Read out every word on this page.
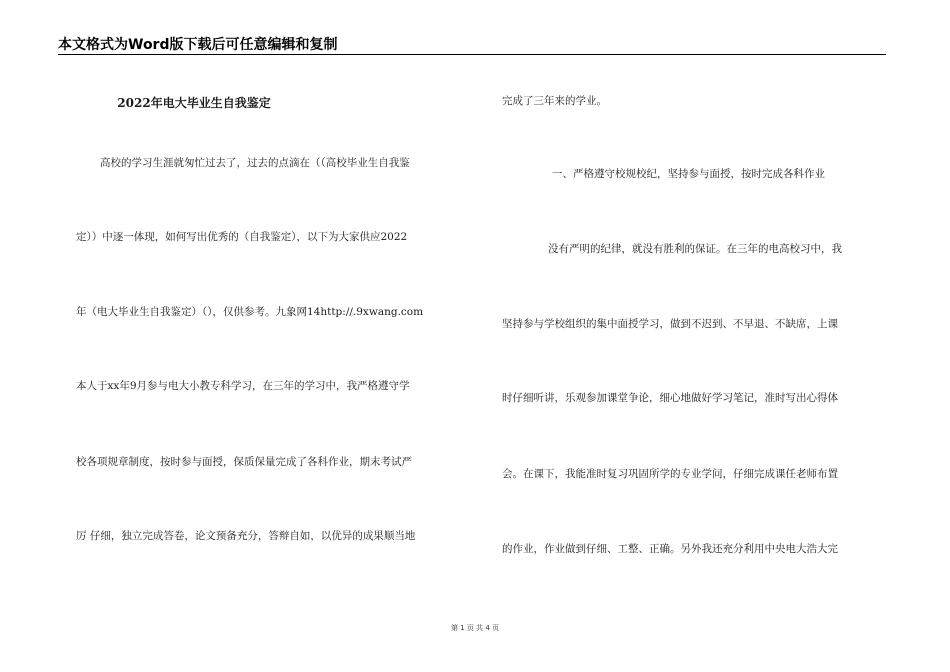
本文格式为Word版下载后可任意编辑和复制
2022年电大毕业生自我鉴定
高校的学习生涯就匆忙过去了，过去的点滴在（（高校毕业生自我鉴
定））中逐一体现，如何写出优秀的（自我鉴定），以下为大家供应2022
年（电大毕业生自我鉴定）（），仅供参考。九象网14http://.9xwang.com
本人于xx年9月参与电大小教专科学习，在三年的学习中，我严格遵守学
校各项规章制度，按时参与面授，保质保量完成了各科作业，期末考试严
厉 仔细，独立完成答卷，论文预备充分，答辩自如，以优异的成果顺当地
完成了三年来的学业。
一、严格遵守校规校纪，坚持参与面授，按时完成各科作业
没有严明的纪律，就没有胜利的保证。在三年的电高校习中，我
坚持参与学校组织的集中面授学习，做到不迟到、不早退、不缺席，上课
时仔细听讲，乐观参加课堂争论，细心地做好学习笔记，准时写出心得体
会。在课下，我能准时复习巩固所学的专业学问，仔细完成课任老师布置
的作业，作业做到仔细、工整、正确。另外我还充分利用中央电大浩大完
第 1 页 共 4 页
